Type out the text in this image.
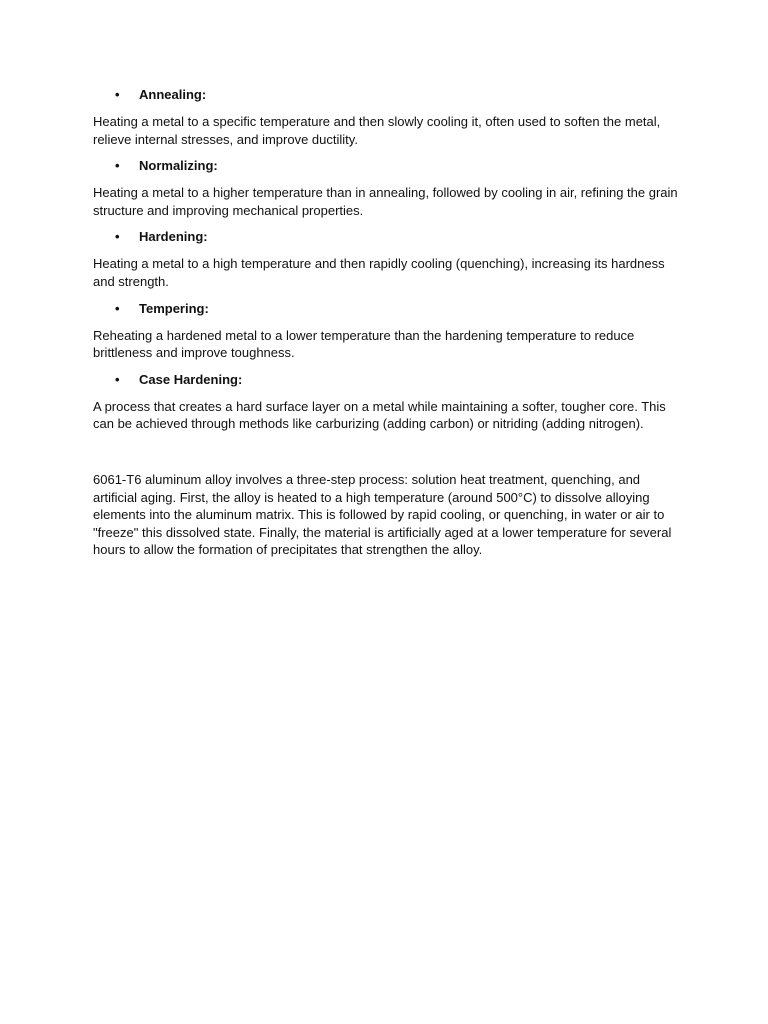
• Annealing:

Heating a metal to a specific temperature and then slowly cooling it, often used to soften the metal, relieve internal stresses, and improve ductility.

• Normalizing:

Heating a metal to a higher temperature than in annealing, followed by cooling in air, refining the grain structure and improving mechanical properties.

• Hardening:

Heating a metal to a high temperature and then rapidly cooling (quenching), increasing its hardness and strength.

• Tempering:

Reheating a hardened metal to a lower temperature than the hardening temperature to reduce brittleness and improve toughness.

• Case Hardening:

A process that creates a hard surface layer on a metal while maintaining a softer, tougher core. This can be achieved through methods like carburizing (adding carbon) or nitriding (adding nitrogen).

6061-T6 aluminum alloy involves a three-step process: solution heat treatment, quenching, and artificial aging. First, the alloy is heated to a high temperature (around 500°C) to dissolve alloying elements into the aluminum matrix. This is followed by rapid cooling, or quenching, in water or air to "freeze" this dissolved state. Finally, the material is artificially aged at a lower temperature for several hours to allow the formation of precipitates that strengthen the alloy.
